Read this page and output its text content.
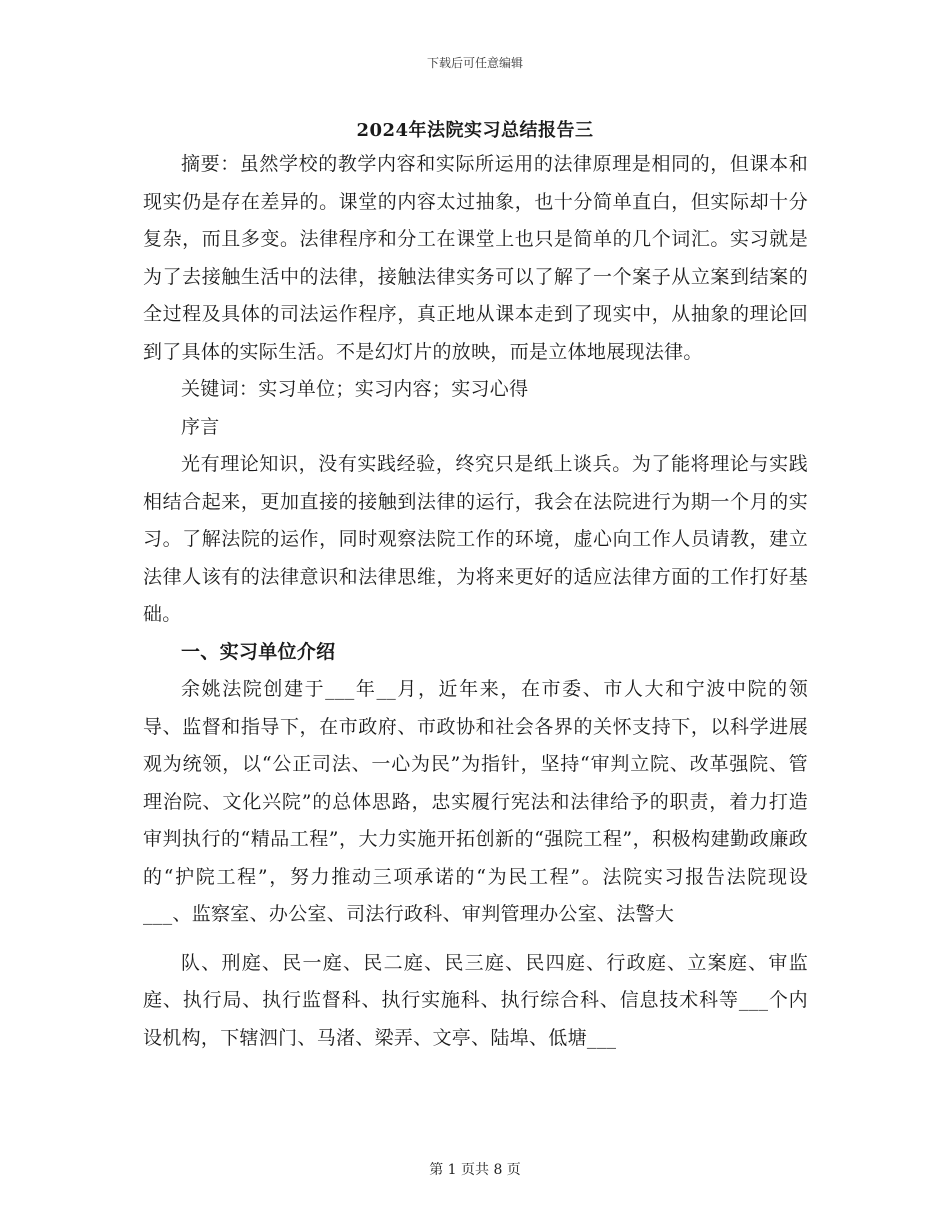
下载后可任意编辑
2024年法院实习总结报告三

摘要：虽然学校的教学内容和实际所运用的法律原理是相同的，但课本和现实仍是存在差异的。课堂的内容太过抽象，也十分简单直白，但实际却十分复杂，而且多变。法律程序和分工在课堂上也只是简单的几个词汇。实习就是为了去接触生活中的法律，接触法律实务可以了解了一个案子从立案到结案的全过程及具体的司法运作程序，真正地从课本走到了现实中，从抽象的理论回到了具体的实际生活。不是幻灯片的放映，而是立体地展现法律。

关键词：实习单位；实习内容；实习心得

序言

光有理论知识，没有实践经验，终究只是纸上谈兵。为了能将理论与实践相结合起来，更加直接的接触到法律的运行，我会在法院进行为期一个月的实习。了解法院的运作，同时观察法院工作的环境，虚心向工作人员请教，建立法律人该有的法律意识和法律思维，为将来更好的适应法律方面的工作打好基础。

一、实习单位介绍

余姚法院创建于___年__月，近年来，在市委、市人大和宁波中院的领导、监督和指导下，在市政府、市政协和社会各界的关怀支持下，以科学进展观为统领，以“公正司法、一心为民”为指针，坚持“审判立院、改革强院、管理治院、文化兴院”的总体思路，忠实履行宪法和法律给予的职责，着力打造审判执行的“精品工程”，大力实施开拓创新的“强院工程”，积极构建勤政廉政的“护院工程”，努力推动三项承诺的“为民工程”。法院实习报告法院现设___、监察室、办公室、司法行政科、审判管理办公室、法警大

队、刑庭、民一庭、民二庭、民三庭、民四庭、行政庭、立案庭、审监庭、执行局、执行监督科、执行实施科、执行综合科、信息技术科等___个内设机构，下辖泗门、马渚、梁弄、文亭、陆埠、低塘___

第 1 页共 8 页
